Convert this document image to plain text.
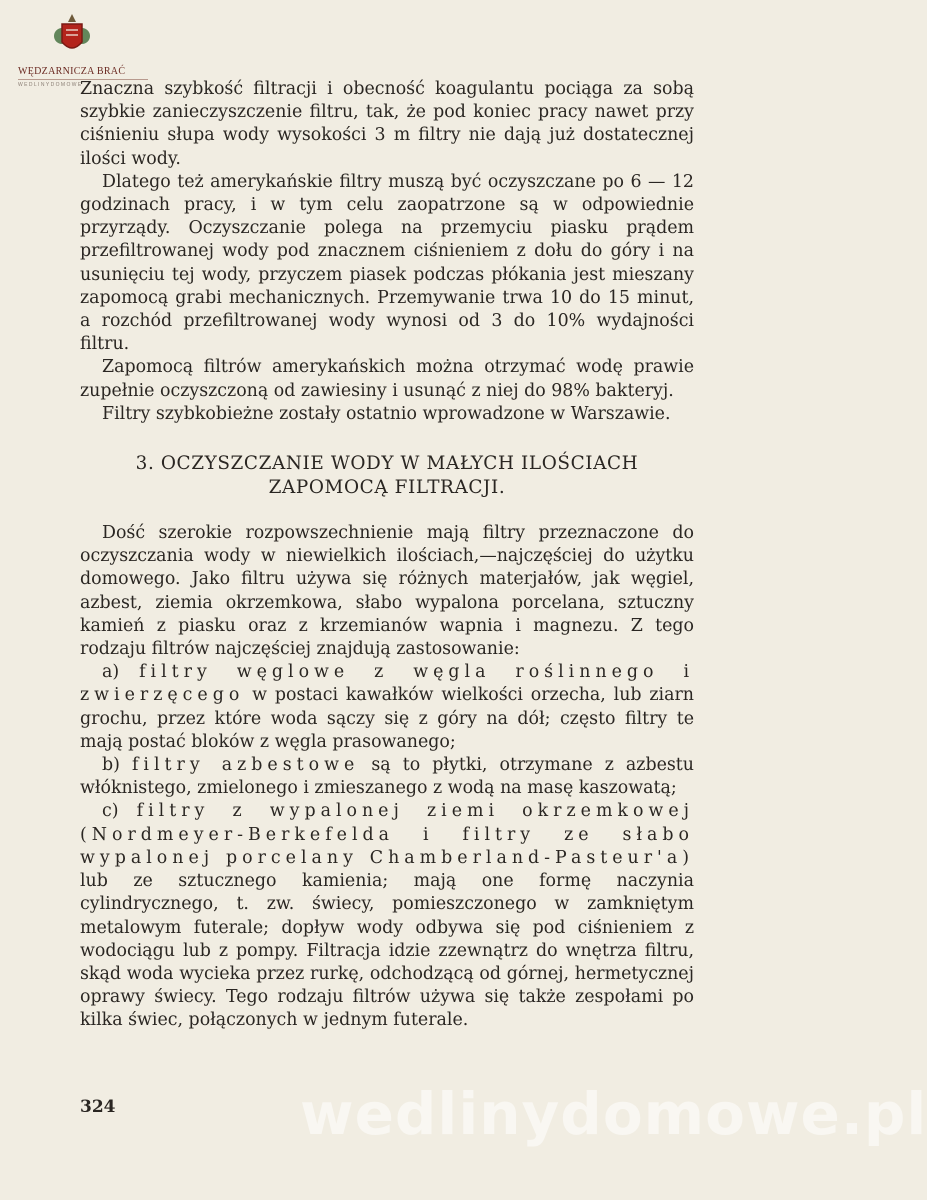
WĘDZARNICZA BRAĆ
WEDLINYDOMOWE

Znaczna szybkość filtracji i obecność koagulantu pociąga za sobą szybkie zanieczyszczenie filtru, tak, że pod koniec pracy nawet przy ciśnieniu słupa wody wysokości 3 m filtry nie dają już dostatecznej ilości wody.

Dlatego też amerykańskie filtry muszą być oczyszczane po 6 — 12 godzinach pracy, i w tym celu zaopatrzone są w odpowiednie przyrządy. Oczyszczanie polega na przemyciu piasku prądem przefiltrowanej wody pod znacznem ciśnieniem z dołu do góry i na usunięciu tej wody, przyczem piasek podczas płókania jest mieszany zapomocą grabi mechanicznych. Przemywanie trwa 10 do 15 minut, a rozchód przefiltrowanej wody wynosi od 3 do 10% wydajności filtru.

Zapomocą filtrów amerykańskich można otrzymać wodę prawie zupełnie oczyszczoną od zawiesiny i usunąć z niej do 98% bakteryj.

Filtry szybkobieżne zostały ostatnio wprowadzone w Warszawie.

3. OCZYSZCZANIE WODY W MAŁYCH ILOŚCIACH
ZAPOMOCĄ FILTRACJI.

Dość szerokie rozpowszechnienie mają filtry przeznaczone do oczyszczania wody w niewielkich ilościach,—najczęściej do użytku domowego. Jako filtru używa się różnych materjałów, jak węgiel, azbest, ziemia okrzemkowa, słabo wypalona porcelana, sztuczny kamień z piasku oraz z krzemianów wapnia i magnezu. Z tego rodzaju filtrów najczęściej znajdują zastosowanie:

a) filtry węglowe z węgla roślinnego i zwierzęcego w postaci kawałków wielkości orzecha, lub ziarn grochu, przez które woda sączy się z góry na dół; często filtry te mają postać bloków z węgla prasowanego;

b) filtry azbestowe są to płytki, otrzymane z azbestu włóknistego, zmielonego i zmieszanego z wodą na masę kaszowatą;

c) filtry z wypalonej ziemi okrzemkowej (Nordmeyer-Berkefelda i filtry ze słabo wypalonej porcelany Chamberland-Pasteur'a) lub ze sztucznego kamienia; mają one formę naczynia cylindrycznego, t. zw. świecy, pomieszczonego w zamkniętym metalowym futerale; dopływ wody odbywa się pod ciśnieniem z wodociągu lub z pompy. Filtracja idzie zzewnątrz do wnętrza filtru, skąd woda wycieka przez rurkę, odchodzącą od górnej, hermetycznej oprawy świecy. Tego rodzaju filtrów używa się także zespołami po kilka świec, połączonych w jednym futerale.

324	wedlinydomowe.pl
